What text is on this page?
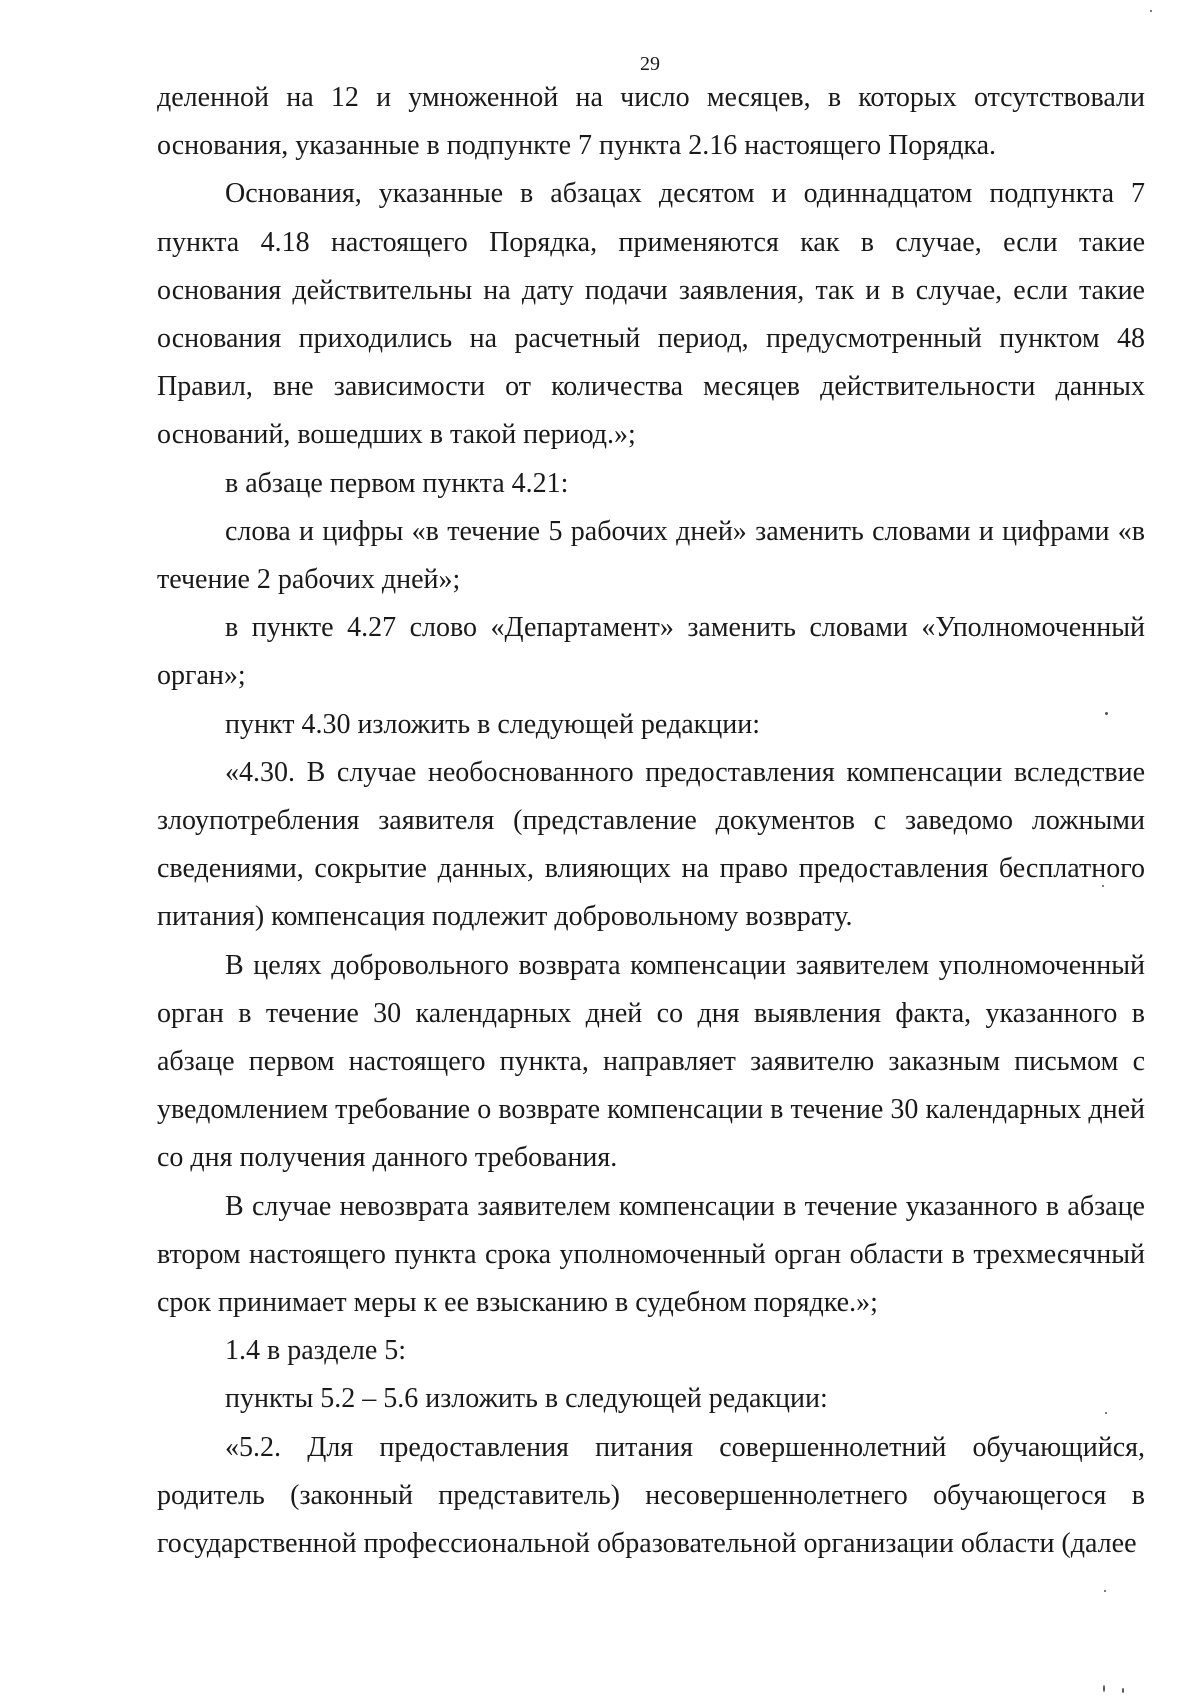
29

деленной на 12 и умноженной на число месяцев, в которых отсутствовали основания, указанные в подпункте 7 пункта 2.16 настоящего Порядка.

Основания, указанные в абзацах десятом и одиннадцатом подпункта 7 пункта 4.18 настоящего Порядка, применяются как в случае, если такие основания действительны на дату подачи заявления, так и в случае, если такие основания приходились на расчетный период, предусмотренный пунктом 48 Правил, вне зависимости от количества месяцев действительности данных оснований, вошедших в такой период.»;

в абзаце первом пункта 4.21:

слова и цифры «в течение 5 рабочих дней» заменить словами и цифрами «в течение 2 рабочих дней»;

в пункте 4.27 слово «Департамент» заменить словами «Уполномоченный орган»;

пункт 4.30 изложить в следующей редакции:

«4.30. В случае необоснованного предоставления компенсации вследствие злоупотребления заявителя (представление документов с заведомо ложными сведениями, сокрытие данных, влияющих на право предоставления бесплатного питания) компенсация подлежит добровольному возврату.

В целях добровольного возврата компенсации заявителем уполномоченный орган в течение 30 календарных дней со дня выявления факта, указанного в абзаце первом настоящего пункта, направляет заявителю заказным письмом с уведомлением требование о возврате компенсации в течение 30 календарных дней со дня получения данного требования.

В случае невозврата заявителем компенсации в течение указанного в абзаце втором настоящего пункта срока уполномоченный орган области в трехмесячный срок принимает меры к ее взысканию в судебном порядке.»;

1.4 в разделе 5:

пункты 5.2 – 5.6 изложить в следующей редакции:

«5.2. Для предоставления питания совершеннолетний обучающийся, родитель (законный представитель) несовершеннолетнего обучающегося в государственной профессиональной образовательной организации области (далее
